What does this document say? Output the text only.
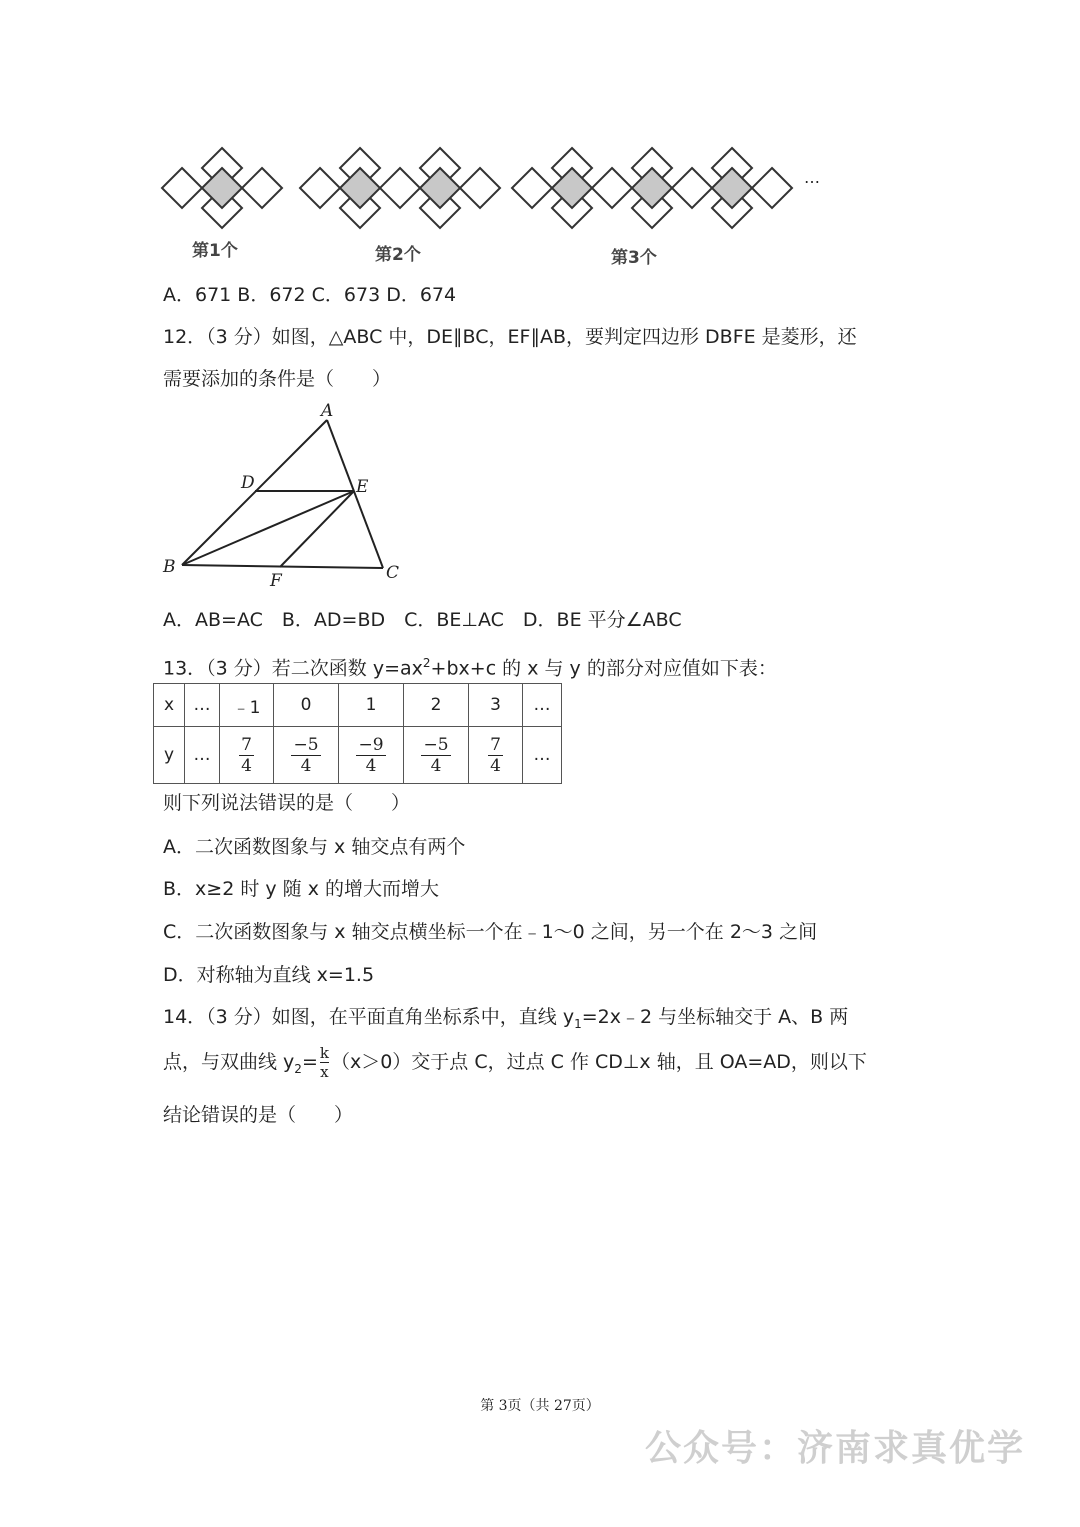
…
第1个	第2个	第3个
A．671 B．672 C．673 D．674
12．（3 分）如图，△ABC 中，DE∥BC，EF∥AB，要判定四边形 DBFE 是菱形，还
需要添加的条件是（　　）
A
D	E
B
F	C
A．AB=AC　B．AD=BD　C．BE⊥AC　D．BE 平分∠ABC
13．（3 分）若二次函数 $y=ax^2+bx+c$ 的 x 与 y 的部分对应值如下表：
x	…	﹣1	0	1	2	3	…
y	…	$\frac{7}{4}$	$\frac{-5}{4}$	$\frac{-9}{4}$	$\frac{-5}{4}$	$\frac{7}{4}$	…
则下列说法错误的是（　　）
A．二次函数图象与 x 轴交点有两个
B．x≥2 时 y 随 x 的增大而增大
C．二次函数图象与 x 轴交点横坐标一个在﹣1～0 之间，另一个在 2～3 之间
D．对称轴为直线 x=1.5
14．（3 分）如图，在平面直角坐标系中，直线 $y_1=2x﹣2$ 与坐标轴交于 A、B 两
点，与双曲线 $y_2= \frac{k}{x} (x>0)$交于点 C，过点 C 作 CD⊥x 轴，且 OA=AD，则以下
结论错误的是（　　）
第 3页（共 27页）
公众号：济南求真优学
